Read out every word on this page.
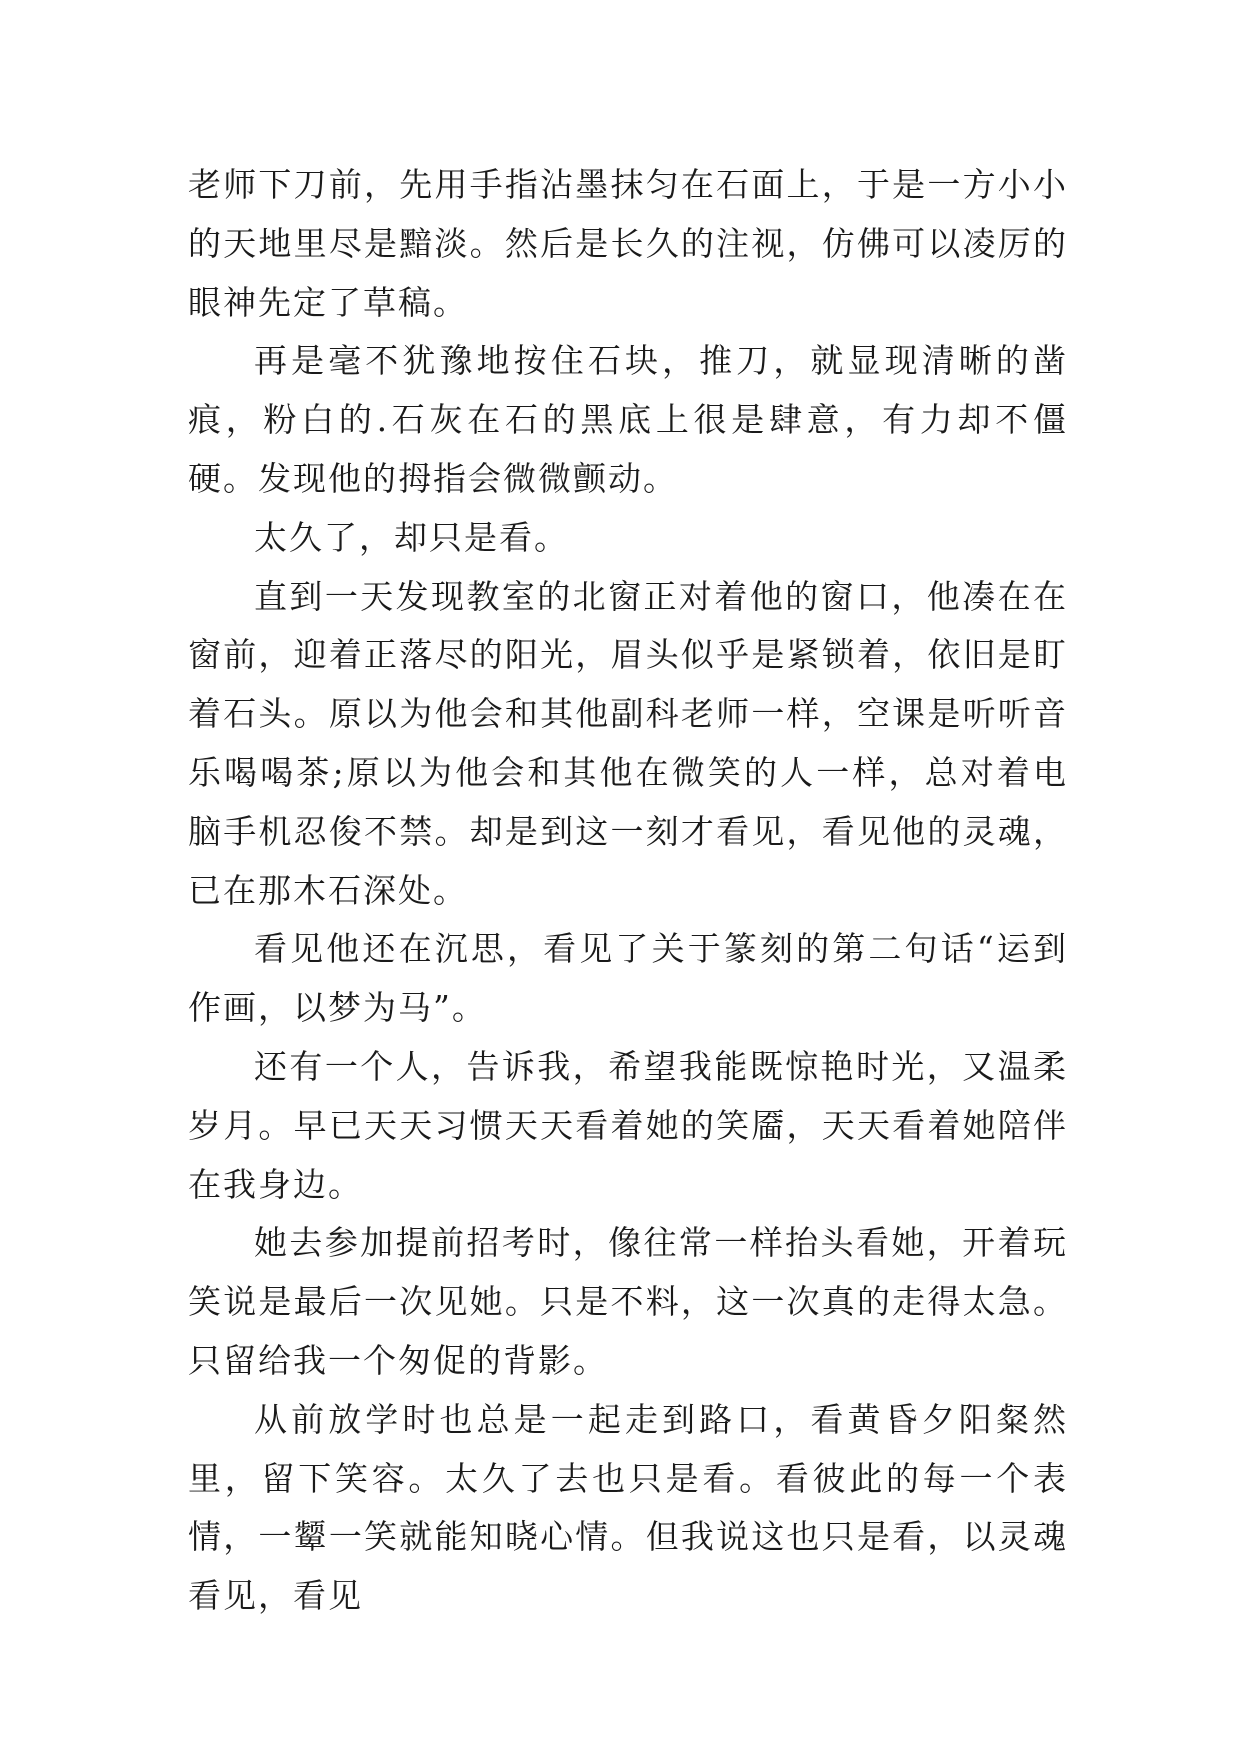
老师下刀前，先用手指沾墨抹匀在石面上，于是一方小小的天地里尽是黯淡。然后是长久的注视，仿佛可以凌厉的眼神先定了草稿。

再是毫不犹豫地按住石块，推刀，就显现清晰的凿痕，粉白的.石灰在石的黑底上很是肆意，有力却不僵硬。发现他的拇指会微微颤动。

太久了，却只是看。

直到一天发现教室的北窗正对着他的窗口，他凑在在窗前，迎着正落尽的阳光，眉头似乎是紧锁着，依旧是盯着石头。原以为他会和其他副科老师一样，空课是听听音乐喝喝茶;原以为他会和其他在微笑的人一样，总对着电脑手机忍俊不禁。却是到这一刻才看见，看见他的灵魂，已在那木石深处。

看见他还在沉思，看见了关于篆刻的第二句话“运到作画，以梦为马”。

还有一个人，告诉我，希望我能既惊艳时光，又温柔岁月。早已天天习惯天天看着她的笑靥，天天看着她陪伴在我身边。

她去参加提前招考时，像往常一样抬头看她，开着玩笑说是最后一次见她。只是不料，这一次真的走得太急。只留给我一个匆促的背影。

从前放学时也总是一起走到路口，看黄昏夕阳粲然里，留下笑容。太久了去也只是看。看彼此的每一个表情，一颦一笑就能知晓心情。但我说这也只是看，以灵魂看见，看见
